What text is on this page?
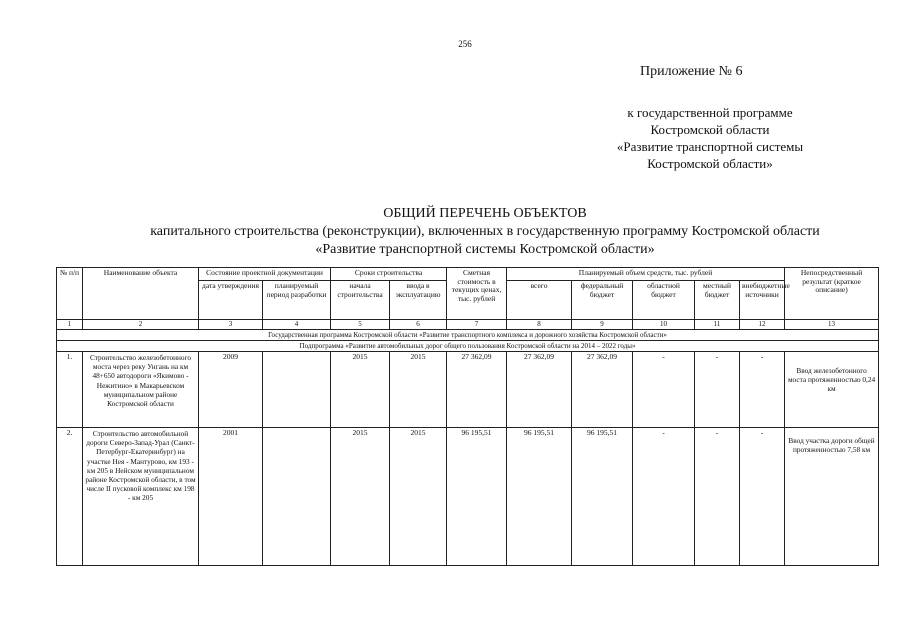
256
Приложение № 6
к государственной программе
Костромской области
«Развитие транспортной системы
Костромской области»
ОБЩИЙ ПЕРЕЧЕНЬ ОБЪЕКТОВ
капитального строительства (реконструкции), включенных в государственную программу Костромской области
«Развитие транспортной системы Костромской области»
№ п/п	Наименование объекта	Состояние проектной документации		Сроки строительства		Сметная стоимость в текущих ценах, тыс. рублей	Планируемый объем средств, тыс. рублей					Непосредственный результат (краткое описание)
		дата утверждения	планируемый период разработки	начала строительства	ввода в эксплуатацию		всего	федеральный бюджет	областной бюджет	местный бюджет	внебюджетные источники	
1	2	3	4	5	6	7	8	9	10	11	12	13
Государственная программа Костромской области «Развитие транспортного комплекса и дорожного хозяйства Костромской области»												
Подпрограмма «Развитие автомобильных дорог общего пользования Костромской области на 2014 – 2022 годы»												
1.	Строительство железобетонного моста через реку Унгань на км 48+650 автодороги «Якимово - Нежитино» в Макарьевском муниципальном районе Костромской области	2009		2015	2015	27 362,09	27 362,09	27 362,09	-	-	-	Ввод железобетонного моста протяженностью 0,24 км
2.	Строительство автомобильной дороги Северо-Запад-Урал (Санкт-Петербург-Екатеринбург) на участке Нея - Мантурово, км 193 - км 205 в Нейском муниципальном районе Костромской области, в том числе II пусковой комплекс км 198 - км 205	2001		2015	2015	96 195,51	96 195,51	96 195,51	-	-	-	Ввод участка дороги общей протяженностью 7,58 км
